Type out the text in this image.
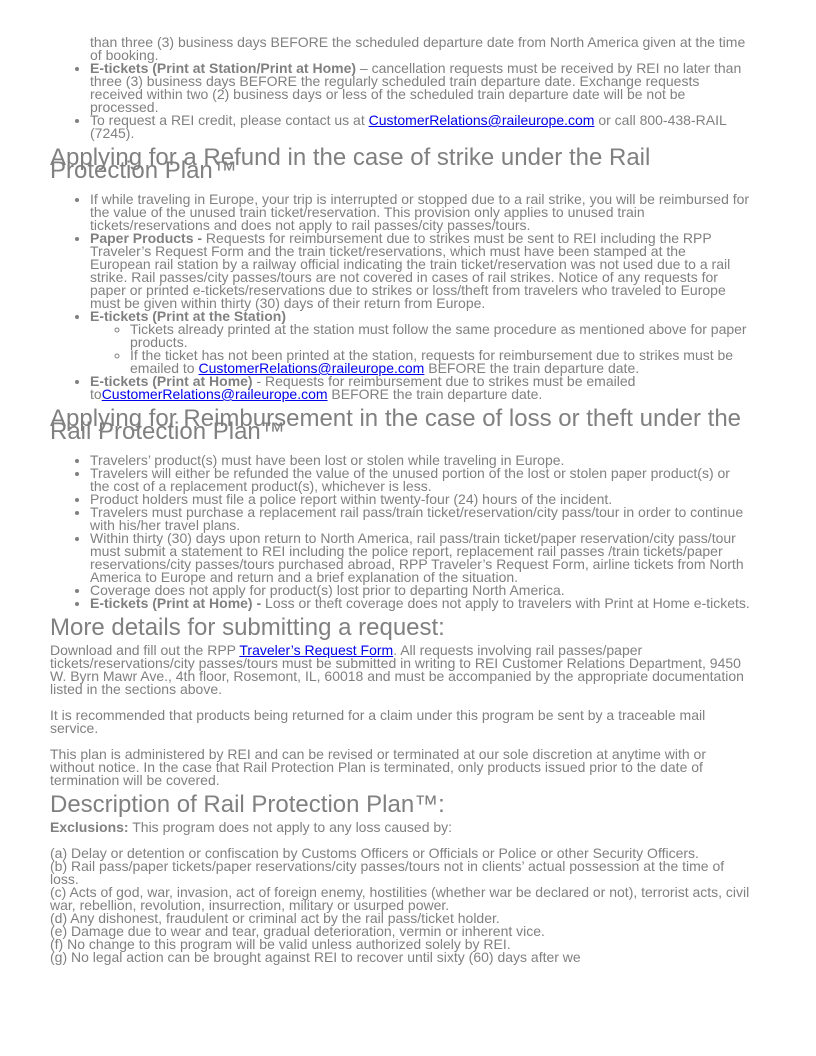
than three (3) business days BEFORE the scheduled departure date from North America given at the time of booking.
• E-tickets (Print at Station/Print at Home) – cancellation requests must be received by REI no later than three (3) business days BEFORE the regularly scheduled train departure date. Exchange requests received within two (2) business days or less of the scheduled train departure date will be not be processed.
• To request a REI credit, please contact us at CustomerRelations@raileurope.com or call 800-438-RAIL (7245).
Applying for a Refund in the case of strike under the Rail Protection Plan™
• If while traveling in Europe, your trip is interrupted or stopped due to a rail strike, you will be reimbursed for the value of the unused train ticket/reservation. This provision only applies to unused train tickets/reservations and does not apply to rail passes/city passes/tours.
• Paper Products - Requests for reimbursement due to strikes must be sent to REI including the RPP Traveler’s Request Form and the train ticket/reservations, which must have been stamped at the European rail station by a railway official indicating the train ticket/reservation was not used due to a rail strike. Rail passes/city passes/tours are not covered in cases of rail strikes. Notice of any requests for paper or printed e-tickets/reservations due to strikes or loss/theft from travelers who traveled to Europe must be given within thirty (30) days of their return from Europe.
• E-tickets (Print at the Station)
◦ Tickets already printed at the station must follow the same procedure as mentioned above for paper products.
◦ If the ticket has not been printed at the station, requests for reimbursement due to strikes must be emailed to CustomerRelations@raileurope.com BEFORE the train departure date.
• E-tickets (Print at Home) - Requests for reimbursement due to strikes must be emailed toCustomerRelations@raileurope.com BEFORE the train departure date.
Applying for Reimbursement in the case of loss or theft under the Rail Protection Plan™
• Travelers’ product(s) must have been lost or stolen while traveling in Europe.
• Travelers will either be refunded the value of the unused portion of the lost or stolen paper product(s) or the cost of a replacement product(s), whichever is less.
• Product holders must file a police report within twenty-four (24) hours of the incident.
• Travelers must purchase a replacement rail pass/train ticket/reservation/city pass/tour in order to continue with his/her travel plans.
• Within thirty (30) days upon return to North America, rail pass/train ticket/paper reservation/city pass/tour must submit a statement to REI including the police report, replacement rail passes /train tickets/paper reservations/city passes/tours purchased abroad, RPP Traveler’s Request Form, airline tickets from North America to Europe and return and a brief explanation of the situation.
• Coverage does not apply for product(s) lost prior to departing North America.
• E-tickets (Print at Home) - Loss or theft coverage does not apply to travelers with Print at Home e-tickets.
More details for submitting a request:

Download and fill out the RPP Traveler’s Request Form. All requests involving rail passes/paper tickets/reservations/city passes/tours must be submitted in writing to REI Customer Relations Department, 9450 W. Byrn Mawr Ave., 4th floor, Rosemont, IL, 60018 and must be accompanied by the appropriate documentation listed in the sections above.

It is recommended that products being returned for a claim under this program be sent by a traceable mail service.

This plan is administered by REI and can be revised or terminated at our sole discretion at anytime with or without notice. In the case that Rail Protection Plan is terminated, only products issued prior to the date of termination will be covered.

Description of Rail Protection Plan™:

Exclusions: This program does not apply to any loss caused by:

(a) Delay or detention or confiscation by Customs Officers or Officials or Police or other Security Officers.

(b) Rail pass/paper tickets/paper reservations/city passes/tours not in clients’ actual possession at the time of loss.

(c) Acts of god, war, invasion, act of foreign enemy, hostilities (whether war be declared or not), terrorist acts, civil war, rebellion, revolution, insurrection, military or usurped power.

(d) Any dishonest, fraudulent or criminal act by the rail pass/ticket holder.

(e) Damage due to wear and tear, gradual deterioration, vermin or inherent vice.

(f) No change to this program will be valid unless authorized solely by REI.

(g) No legal action can be brought against REI to recover until sixty (60) days after we
